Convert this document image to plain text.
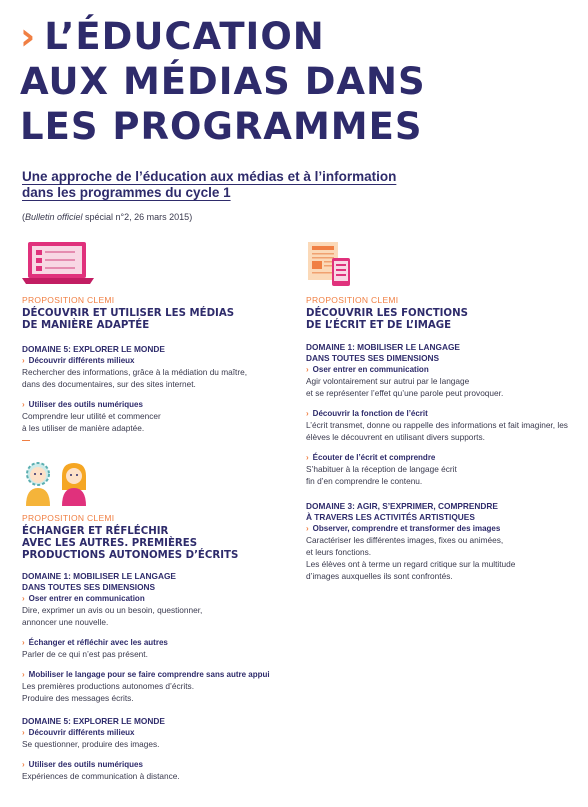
› L’ÉDUCATION
AUX MÉDIAS DANS
LES PROGRAMMES
Une approche de l’éducation aux médias et à l’information
dans les programmes du cycle 1
(Bulletin officiel spécial n°2, 26 mars 2015)

PROPOSITION CLEMI

DÉCOUVRIR ET UTILISER LES MÉDIAS
DE MANIÈRE ADAPTÉE

DOMAINE 5: EXPLORER LE MONDE

› Découvrir différents milieux

Rechercher des informations, grâce à la médiation du maître,

dans des documentaires, sur des sites internet.

› Utiliser des outils numériques

Comprendre leur utilité et commencer

à les utiliser de manière adaptée.

PROPOSITION CLEMI

ÉCHANGER ET RÉFLÉCHIR
AVEC LES AUTRES. PREMIÈRES
PRODUCTIONS AUTONOMES D’ÉCRITS

DOMAINE 1: MOBILISER LE LANGAGE

DANS TOUTES SES DIMENSIONS

› Oser entrer en communication

Dire, exprimer un avis ou un besoin, questionner,

annoncer une nouvelle.

› Échanger et réfléchir avec les autres

Parler de ce qui n’est pas présent.

› Mobiliser le langage pour se faire comprendre sans autre appui

Les premières productions autonomes d’écrits.

Produire des messages écrits.

DOMAINE 5: EXPLORER LE MONDE

› Découvrir différents milieux

Se questionner, produire des images.

› Utiliser des outils numériques

Expériences de communication à distance.

PROPOSITION CLEMI

DÉCOUVRIR LES FONCTIONS
DE L’ÉCRIT ET DE L’IMAGE

DOMAINE 1: MOBILISER LE LANGAGE

DANS TOUTES SES DIMENSIONS

› Oser entrer en communication

Agir volontairement sur autrui par le langage

et se représenter l’effet qu’une parole peut provoquer.

› Découvrir la fonction de l’écrit

L’écrit transmet, donne ou rappelle des informations et fait imaginer, les

élèves le découvrent en utilisant divers supports.

› Écouter de l’écrit et comprendre

S’habituer à la réception de langage écrit

fin d’en comprendre le contenu.

DOMAINE 3: AGIR, S’EXPRIMER, COMPRENDRE

À TRAVERS LES ACTIVITÉS ARTISTIQUES

› Observer, comprendre et transformer des images

Caractériser les différentes images, fixes ou animées,

et leurs fonctions.

Les élèves ont à terme un regard critique sur la multitude

d’images auxquelles ils sont confrontés.
